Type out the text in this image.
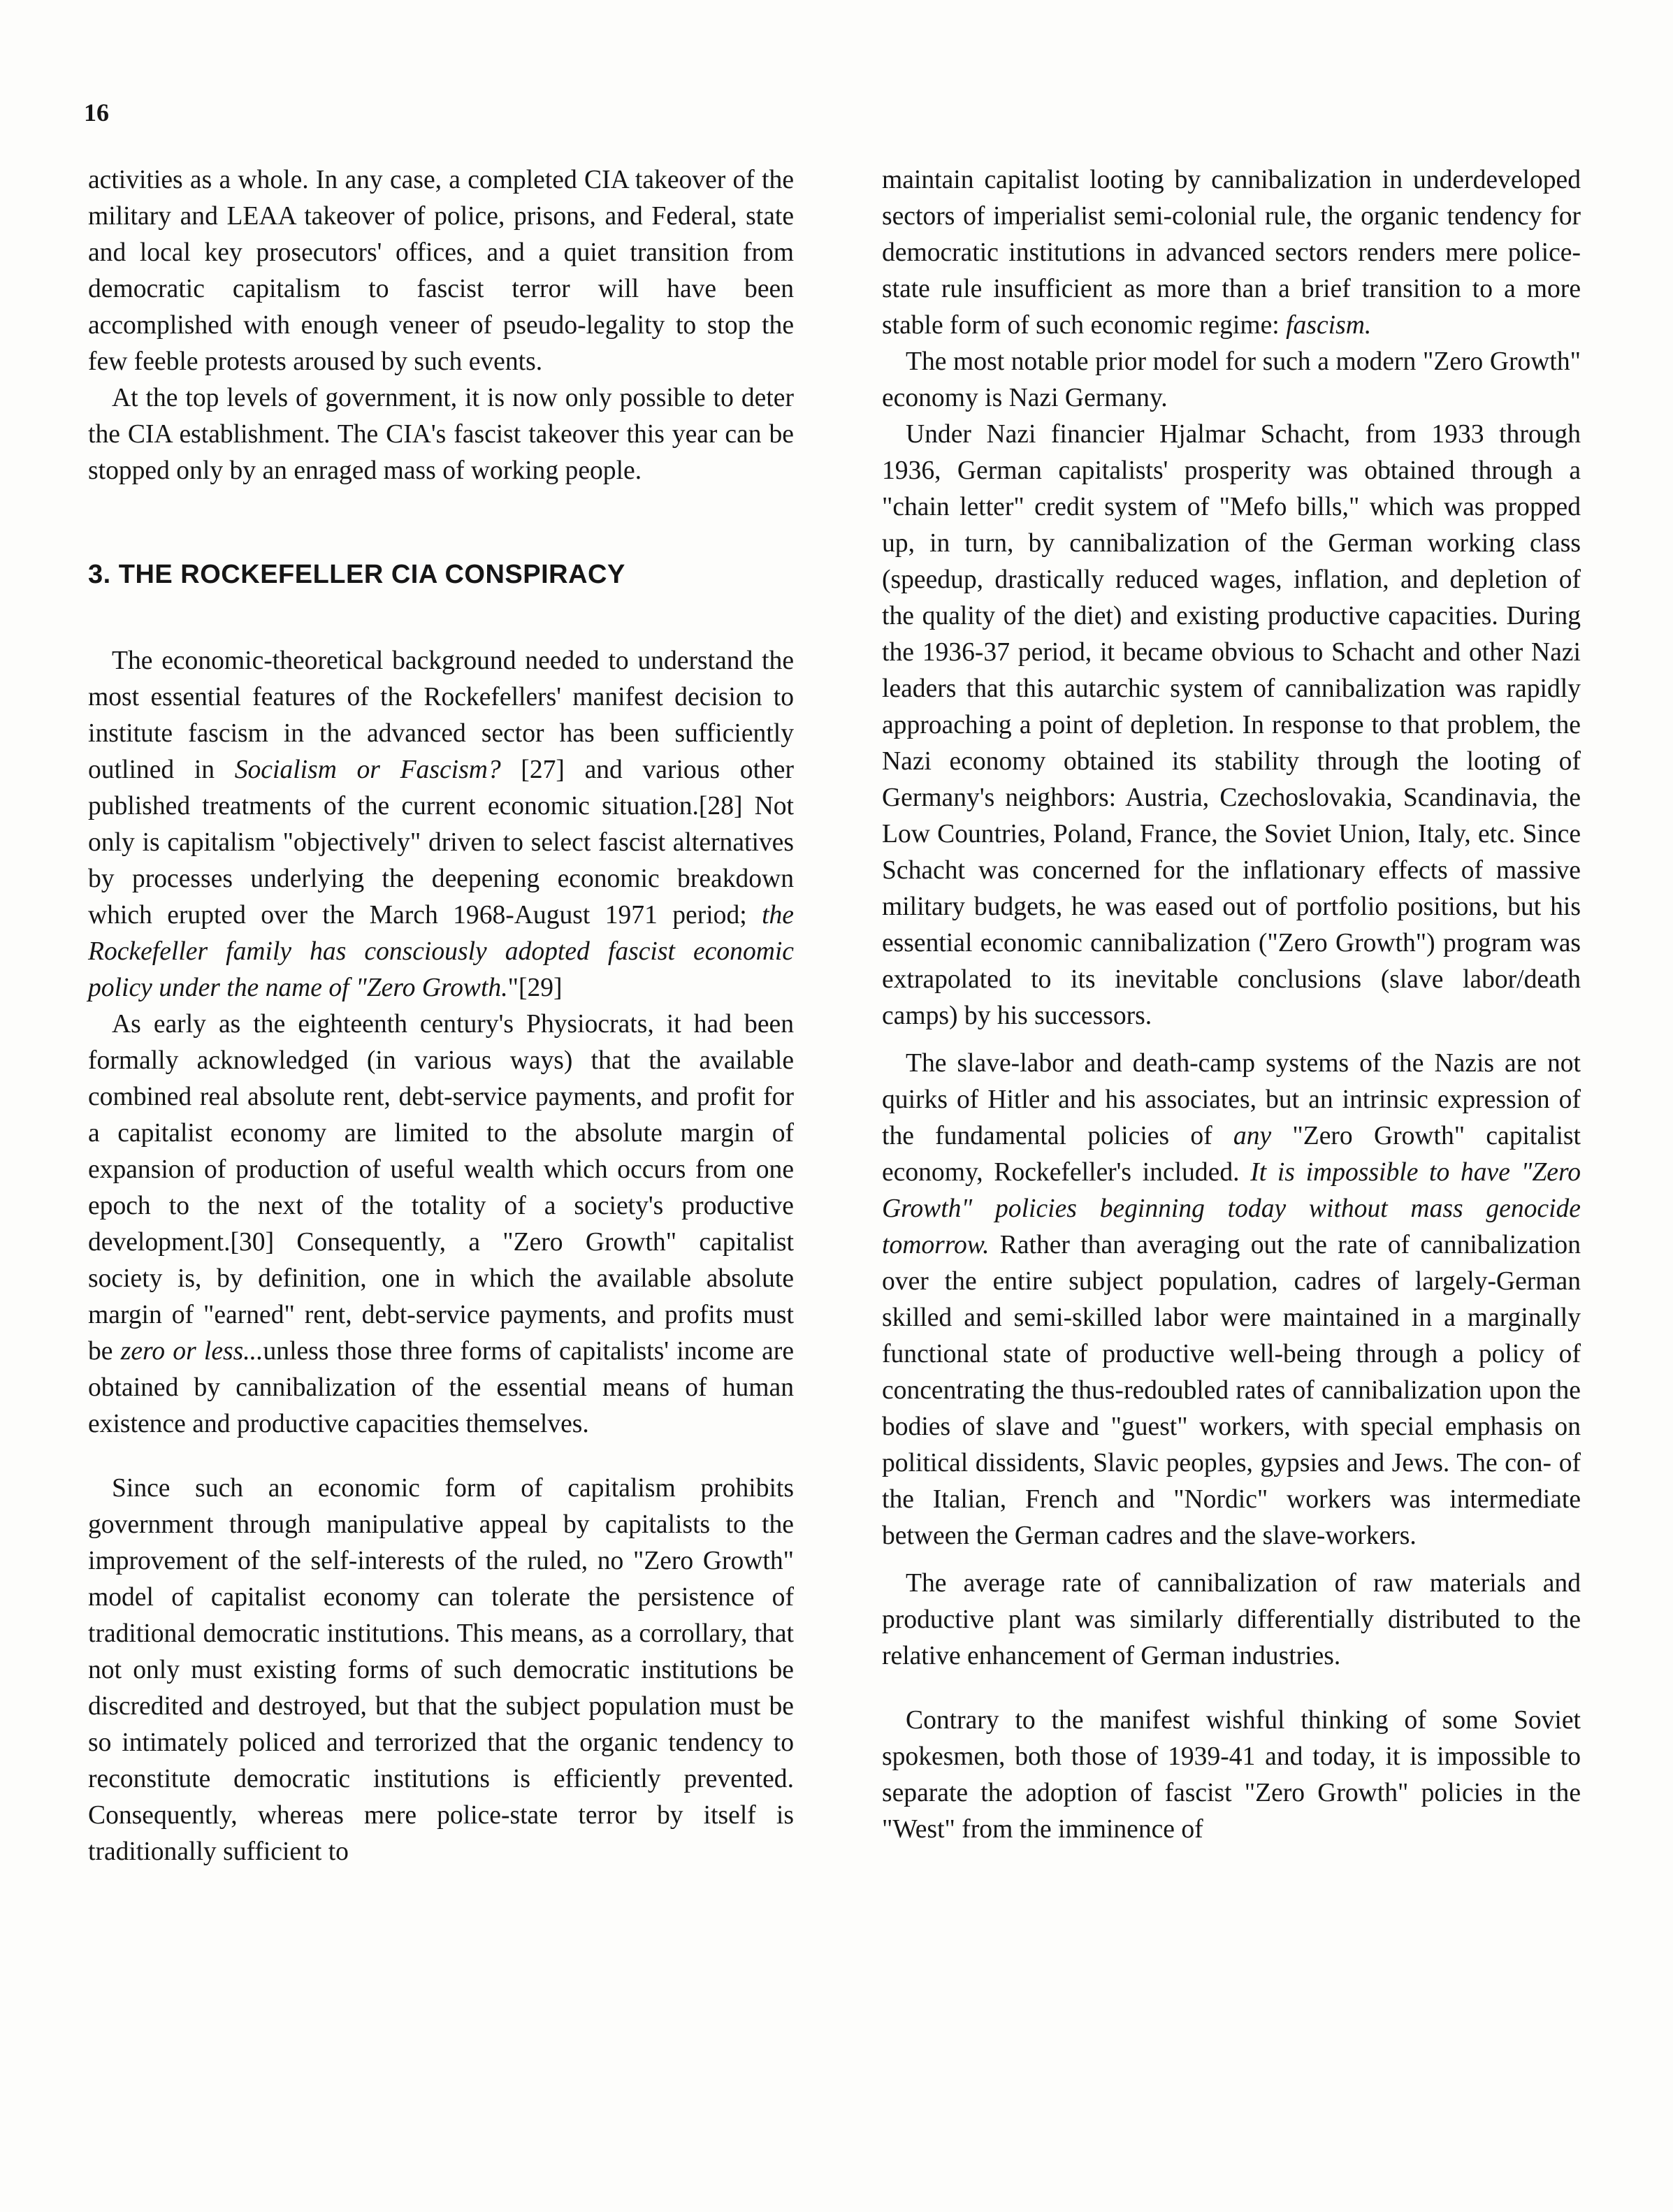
16

activities as a whole. In any case, a completed CIA takeover of the military and LEAA takeover of police, prisons, and Federal, state and local key prosecutors' offices, and a quiet transition from democratic capitalism to fascist terror will have been accomplished with enough veneer of pseudo-legality to stop the few feeble protests aroused by such events.

At the top levels of government, it is now only possible to deter the CIA establishment. The CIA's fascist takeover this year can be stopped only by an enraged mass of working people.

3. THE ROCKEFELLER CIA CONSPIRACY

The economic-theoretical background needed to understand the most essential features of the Rockefellers' manifest decision to institute fascism in the advanced sector has been sufficiently outlined in Socialism or Fascism? [27] and various other published treatments of the current economic situation.[28] Not only is capitalism "objectively" driven to select fascist alternatives by processes underlying the deepening economic breakdown which erupted over the March 1968-August 1971 period; the Rockefeller family has consciously adopted fascist economic policy under the name of "Zero Growth."[29]

As early as the eighteenth century's Physiocrats, it had been formally acknowledged (in various ways) that the available combined real absolute rent, debt-service payments, and profit for a capitalist economy are limited to the absolute margin of expansion of production of useful wealth which occurs from one epoch to the next of the totality of a society's productive development.[30] Consequently, a "Zero Growth" capitalist society is, by definition, one in which the available absolute margin of "earned" rent, debt-service payments, and profits must be zero or less...unless those three forms of capitalists' income are obtained by cannibalization of the essential means of human existence and productive capacities themselves.

Since such an economic form of capitalism prohibits government through manipulative appeal by capitalists to the improvement of the self-interests of the ruled, no "Zero Growth" model of capitalist economy can tolerate the persistence of traditional democratic institutions. This means, as a corrollary, that not only must existing forms of such democratic institutions be discredited and destroyed, but that the subject population must be so intimately policed and terrorized that the organic tendency to reconstitute democratic institutions is efficiently prevented. Consequently, whereas mere police-state terror by itself is traditionally sufficient to

maintain capitalist looting by cannibalization in underdeveloped sectors of imperialist semi-colonial rule, the organic tendency for democratic institutions in advanced sectors renders mere police-state rule insufficient as more than a brief transition to a more stable form of such economic regime: fascism.

The most notable prior model for such a modern "Zero Growth" economy is Nazi Germany.

Under Nazi financier Hjalmar Schacht, from 1933 through 1936, German capitalists' prosperity was obtained through a "chain letter" credit system of "Mefo bills," which was propped up, in turn, by cannibalization of the German working class (speedup, drastically reduced wages, inflation, and depletion of the quality of the diet) and existing productive capacities. During the 1936-37 period, it became obvious to Schacht and other Nazi leaders that this autarchic system of cannibalization was rapidly approaching a point of depletion. In response to that problem, the Nazi economy obtained its stability through the looting of Germany's neighbors: Austria, Czechoslovakia, Scandinavia, the Low Countries, Poland, France, the Soviet Union, Italy, etc. Since Schacht was concerned for the inflationary effects of massive military budgets, he was eased out of portfolio positions, but his essential economic cannibalization ("Zero Growth") program was extrapolated to its inevitable conclusions (slave labor/death camps) by his successors.

The slave-labor and death-camp systems of the Nazis are not quirks of Hitler and his associates, but an intrinsic expression of the fundamental policies of any "Zero Growth" capitalist economy, Rockefeller's included. It is impossible to have "Zero Growth" policies beginning today without mass genocide tomorrow. Rather than averaging out the rate of cannibalization over the entire subject population, cadres of largely-German skilled and semi-skilled labor were maintained in a marginally functional state of productive well-being through a policy of concentrating the thus-redoubled rates of cannibalization upon the bodies of slave and "guest" workers, with special emphasis on political dissidents, Slavic peoples, gypsies and Jews. The con- of the Italian, French and "Nordic" workers was intermediate between the German cadres and the slave-workers.

The average rate of cannibalization of raw materials and productive plant was similarly differentially distributed to the relative enhancement of German industries.

Contrary to the manifest wishful thinking of some Soviet spokesmen, both those of 1939-41 and today, it is impossible to separate the adoption of fascist "Zero Growth" policies in the "West" from the imminence of
